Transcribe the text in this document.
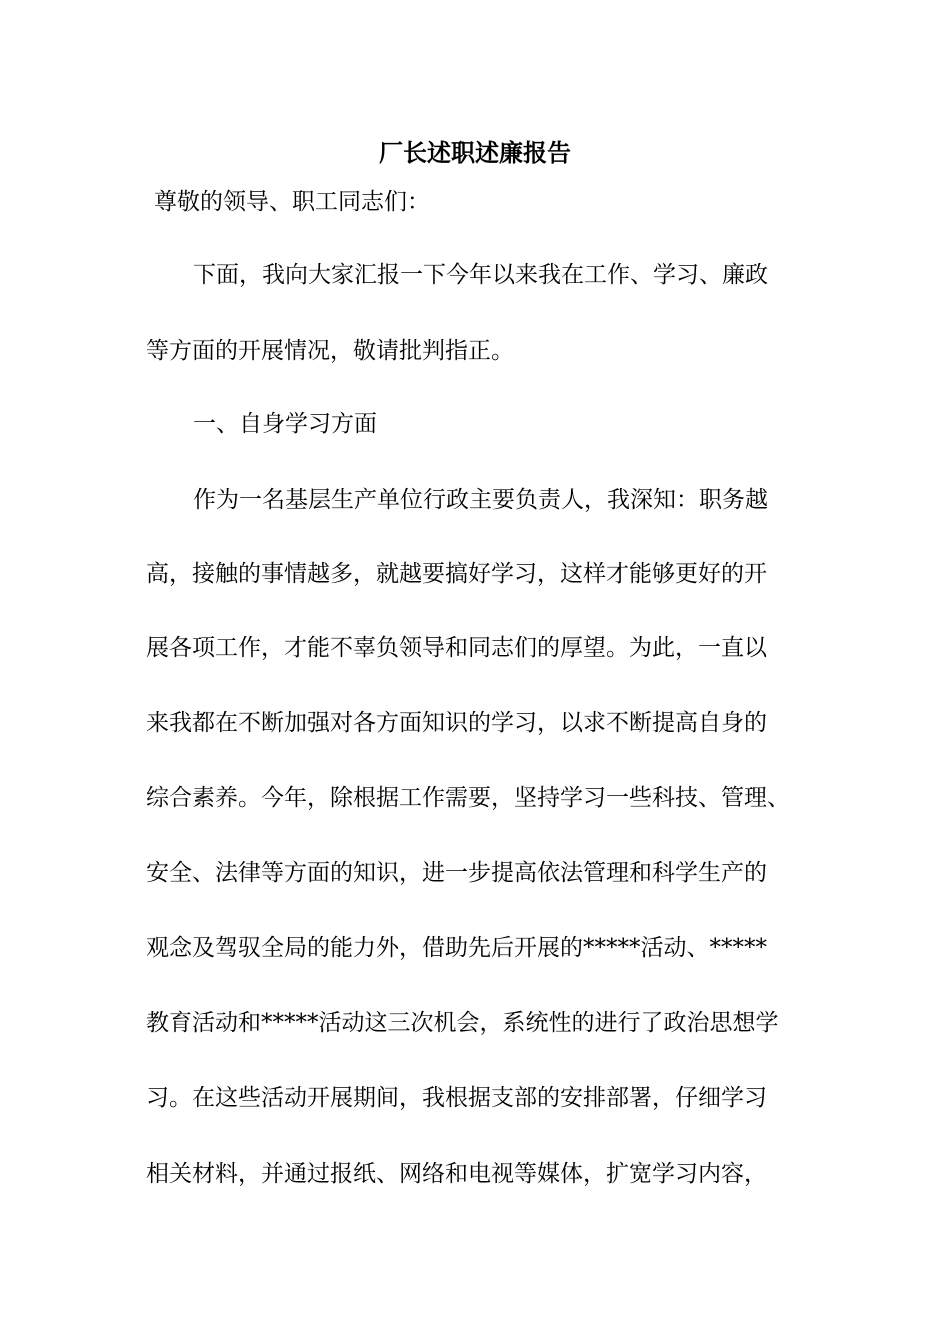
厂长述职述廉报告

尊敬的领导、职工同志们：

下面，我向大家汇报一下今年以来我在工作、学习、廉政

等方面的开展情况，敬请批判指正。

一、自身学习方面

作为一名基层生产单位行政主要负责人，我深知：职务越

高，接触的事情越多，就越要搞好学习，这样才能够更好的开

展各项工作，才能不辜负领导和同志们的厚望。为此，一直以

来我都在不断加强对各方面知识的学习，以求不断提高自身的

综合素养。今年，除根据工作需要，坚持学习一些科技、管理、

安全、法律等方面的知识，进一步提高依法管理和科学生产的

观念及驾驭全局的能力外，借助先后开展的*****活动、*****

教育活动和*****活动这三次机会，系统性的进行了政治思想学

习。在这些活动开展期间，我根据支部的安排部署，仔细学习

相关材料，并通过报纸、网络和电视等媒体，扩宽学习内容，
